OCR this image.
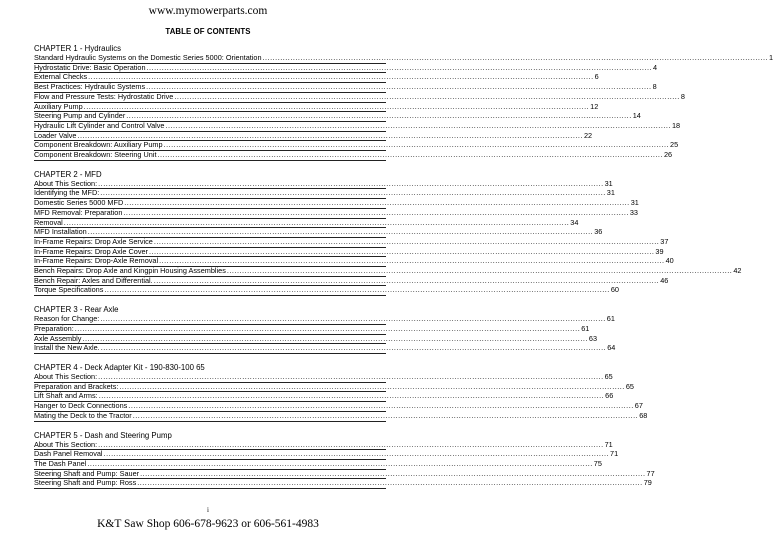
www.mymowerparts.com
TABLE OF CONTENTS
CHAPTER 1 - Hydraulics
Standard Hydraulic Systems on the Domestic Series 5000: Orientation ........................................................................................................................................................................................................ 1
Hydrostatic Drive: Basic Operation ........................................................................................................................................................................................................ 4
External Checks ........................................................................................................................................................................................................ 6
Best Practices: Hydraulic Systems ........................................................................................................................................................................................................ 8
Flow and Pressure Tests: Hydrostatic Drive ........................................................................................................................................................................................................ 8
Auxiliary Pump ........................................................................................................................................................................................................ 12
Steering Pump and Cylinder ........................................................................................................................................................................................................ 14
Hydraulic Lift Cylinder and Control Valve ........................................................................................................................................................................................................ 18
Loader Valve ........................................................................................................................................................................................................ 22
Component Breakdown: Auxiliary Pump ........................................................................................................................................................................................................ 25
Component Breakdown: Steering Unit ........................................................................................................................................................................................................ 26
CHAPTER 2 - MFD
About This Section: ........................................................................................................................................................................................................ 31
Identifying the MFD: ........................................................................................................................................................................................................ 31
Domestic Series 5000 MFD ........................................................................................................................................................................................................ 31
MFD Removal: Preparation ........................................................................................................................................................................................................ 33
Removal ........................................................................................................................................................................................................ 34
MFD Installation ........................................................................................................................................................................................................ 36
In-Frame Repairs: Drop Axle Service ........................................................................................................................................................................................................ 37
In-Frame Repairs: Drop Axle Cover ........................................................................................................................................................................................................ 39
In-Frame Repairs: Drop-Axle Removal ........................................................................................................................................................................................................ 40
Bench Repairs: Drop Axle and Kingpin Housing Assemblies ........................................................................................................................................................................................................ 42
Bench Repair: Axles and Differential. ........................................................................................................................................................................................................ 46
Torque Specifications ........................................................................................................................................................................................................ 60
CHAPTER 3 - Rear Axle
Reason for Change: ........................................................................................................................................................................................................ 61
Preparation: ........................................................................................................................................................................................................ 61
Axle Assembly ........................................................................................................................................................................................................ 63
Install the New Axle. ........................................................................................................................................................................................................ 64
CHAPTER 4 - Deck Adapter Kit - 190-830-100 65
About This Section: ........................................................................................................................................................................................................ 65
Preparation and Brackets: ........................................................................................................................................................................................................ 65
Lift Shaft and Arms: ........................................................................................................................................................................................................ 66
Hanger to Deck Connections ........................................................................................................................................................................................................ 67
Mating the Deck to the Tractor ........................................................................................................................................................................................................ 68
CHAPTER 5 - Dash and Steering Pump
About This Section: ........................................................................................................................................................................................................ 71
Dash Panel Removal ........................................................................................................................................................................................................ 71
The Dash Panel ........................................................................................................................................................................................................ 75
Steering Shaft and Pump: Sauer ........................................................................................................................................................................................................ 77
Steering Shaft and Pump: Ross ........................................................................................................................................................................................................ 79
i
K&T Saw Shop 606-678-9623 or 606-561-4983
